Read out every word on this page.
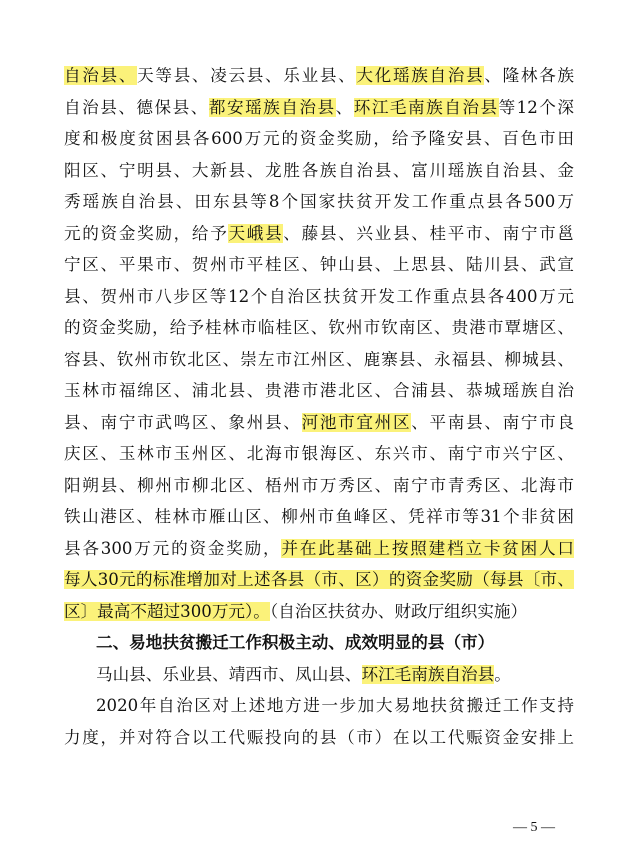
自治县、天等县、凌云县、乐业县、大化瑶族自治县、隆林各族
自治县、德保县、都安瑶族自治县、环江毛南族自治县等12个深
度和极度贫困县各600万元的资金奖励，给予隆安县、百色市田
阳区、宁明县、大新县、龙胜各族自治县、富川瑶族自治县、金
秀瑶族自治县、田东县等8个国家扶贫开发工作重点县各500万
元的资金奖励，给予天峨县、藤县、兴业县、桂平市、南宁市邕
宁区、平果市、贺州市平桂区、钟山县、上思县、陆川县、武宣
县、贺州市八步区等12个自治区扶贫开发工作重点县各400万元
的资金奖励，给予桂林市临桂区、钦州市钦南区、贵港市覃塘区、
容县、钦州市钦北区、崇左市江州区、鹿寨县、永福县、柳城县、
玉林市福绵区、浦北县、贵港市港北区、合浦县、恭城瑶族自治
县、南宁市武鸣区、象州县、河池市宜州区、平南县、南宁市良
庆区、玉林市玉州区、北海市银海区、东兴市、南宁市兴宁区、
阳朔县、柳州市柳北区、梧州市万秀区、南宁市青秀区、北海市
铁山港区、桂林市雁山区、柳州市鱼峰区、凭祥市等31个非贫困
县各300万元的资金奖励，并在此基础上按照建档立卡贫困人口
每人30元的标准增加对上述各县（市、区）的资金奖励（每县〔市、
区〕最高不超过300万元）。（自治区扶贫办、财政厅组织实施）
二、易地扶贫搬迁工作积极主动、成效明显的县（市）
马山县、乐业县、靖西市、凤山县、环江毛南族自治县。
2020年自治区对上述地方进一步加大易地扶贫搬迁工作支持
力度，并对符合以工代赈投向的县（市）在以工代赈资金安排上
— 5 —
